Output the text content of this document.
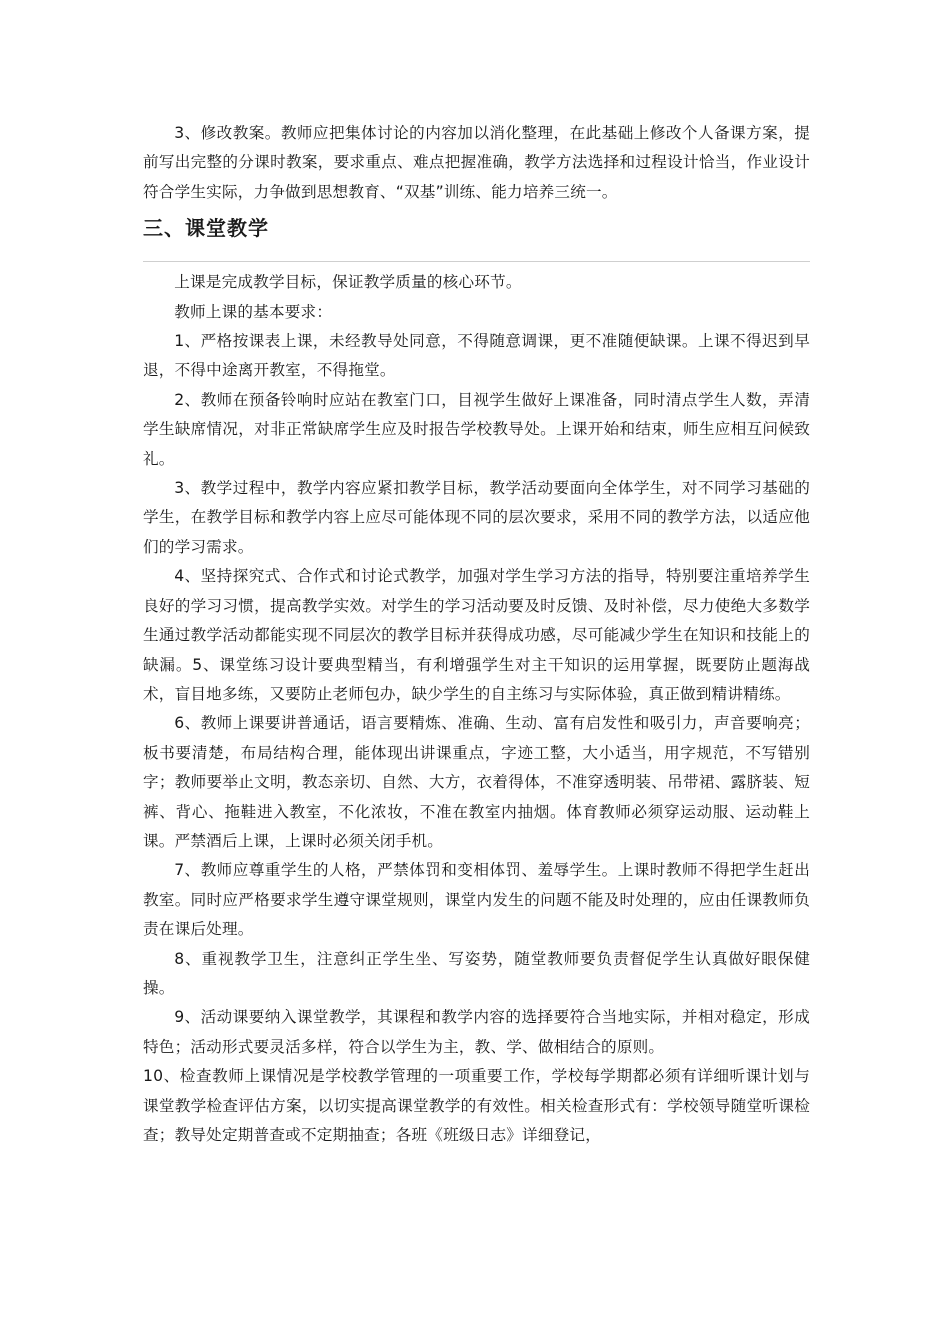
3、修改教案。教师应把集体讨论的内容加以消化整理，在此基础上修改个人备课方案，提前写出完整的分课时教案，要求重点、难点把握准确，教学方法选择和过程设计恰当，作业设计符合学生实际，力争做到思想教育、“双基”训练、能力培养三统一。

三、课堂教学

上课是完成教学目标，保证教学质量的核心环节。

教师上课的基本要求：

1、严格按课表上课，未经教导处同意，不得随意调课，更不准随便缺课。上课不得迟到早退，不得中途离开教室，不得拖堂。

2、教师在预备铃响时应站在教室门口，目视学生做好上课准备，同时清点学生人数，弄清学生缺席情况，对非正常缺席学生应及时报告学校教导处。上课开始和结束，师生应相互问候致礼。

3、教学过程中，教学内容应紧扣教学目标，教学活动要面向全体学生，对不同学习基础的学生，在教学目标和教学内容上应尽可能体现不同的层次要求，采用不同的教学方法，以适应他们的学习需求。

4、坚持探究式、合作式和讨论式教学，加强对学生学习方法的指导，特别要注重培养学生良好的学习习惯，提高教学实效。对学生的学习活动要及时反馈、及时补偿，尽力使绝大多数学生通过教学活动都能实现不同层次的教学目标并获得成功感，尽可能减少学生在知识和技能上的缺漏。5、课堂练习设计要典型精当，有利增强学生对主干知识的运用掌握，既要防止题海战术，盲目地多练，又要防止老师包办，缺少学生的自主练习与实际体验，真正做到精讲精练。

6、教师上课要讲普通话，语言要精炼、准确、生动、富有启发性和吸引力，声音要响亮；板书要清楚，布局结构合理，能体现出讲课重点，字迹工整，大小适当，用字规范，不写错别字；教师要举止文明，教态亲切、自然、大方，衣着得体，不准穿透明装、吊带裙、露脐装、短裤、背心、拖鞋进入教室，不化浓妆，不准在教室内抽烟。体育教师必须穿运动服、运动鞋上课。严禁酒后上课，上课时必须关闭手机。

7、教师应尊重学生的人格，严禁体罚和变相体罚、羞辱学生。上课时教师不得把学生赶出教室。同时应严格要求学生遵守课堂规则，课堂内发生的问题不能及时处理的，应由任课教师负责在课后处理。

8、重视教学卫生，注意纠正学生坐、写姿势，随堂教师要负责督促学生认真做好眼保健操。

9、活动课要纳入课堂教学，其课程和教学内容的选择要符合当地实际，并相对稳定，形成特色；活动形式要灵活多样，符合以学生为主，教、学、做相结合的原则。

10、检查教师上课情况是学校教学管理的一项重要工作，学校每学期都必须有详细听课计划与课堂教学检查评估方案，以切实提高课堂教学的有效性。相关检查形式有：学校领导随堂听课检查；教导处定期普查或不定期抽查；各班《班级日志》详细登记，
